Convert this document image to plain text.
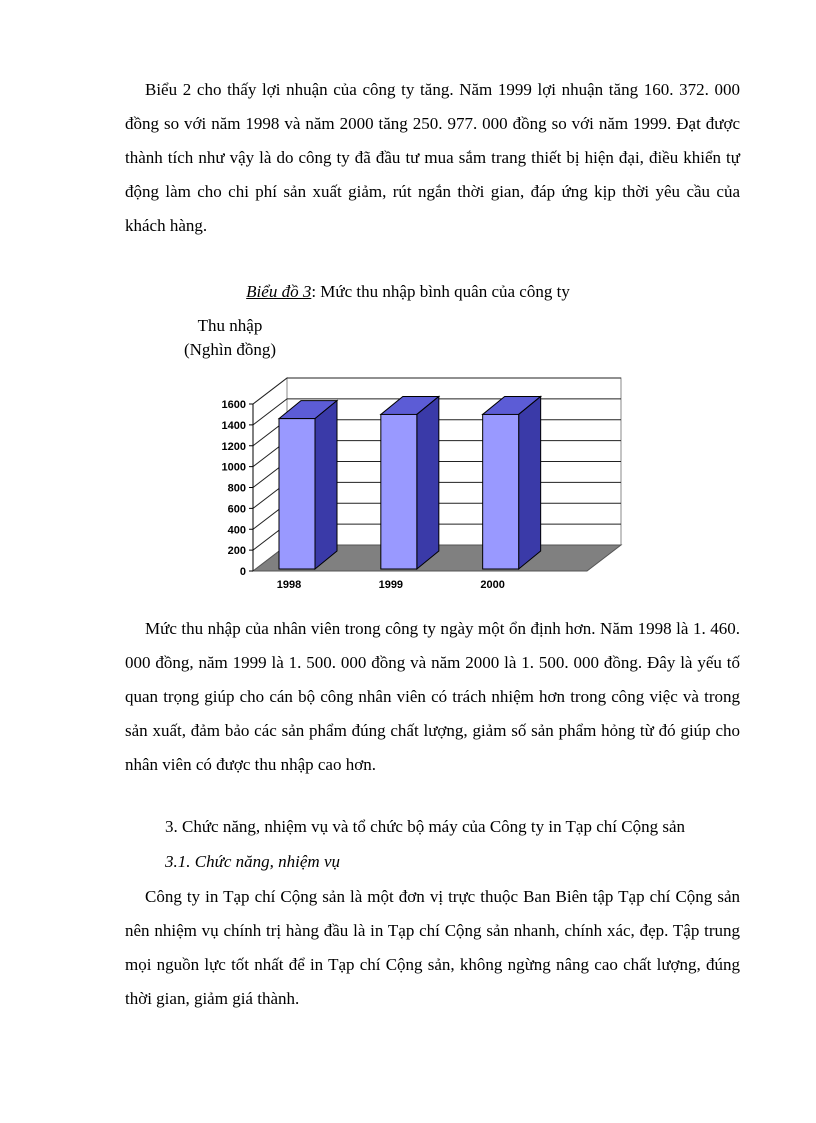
Biểu 2 cho thấy lợi nhuận của công ty tăng. Năm 1999 lợi nhuận tăng 160. 372. 000 đồng so với năm 1998 và năm 2000 tăng 250. 977. 000 đồng so với năm 1999. Đạt được thành tích như vậy là do công ty đã đầu tư mua sắm trang thiết bị hiện đại, điều khiển tự động làm cho chi phí sản xuất giảm, rút ngắn thời gian, đáp ứng kịp thời yêu cầu của khách hàng.

Biểu đồ 3: Mức thu nhập bình quân của công ty
Thu nhập
(Nghìn đồng)
0
200
400
600
800
1000
1200
1400
1600
1998	1999	2000

Mức thu nhập của nhân viên trong công ty ngày một ổn định hơn. Năm 1998 là 1. 460. 000 đồng, năm 1999 là 1. 500. 000 đồng và năm 2000 là 1. 500. 000 đồng. Đây là yếu tố quan trọng giúp cho cán bộ công nhân viên có trách nhiệm hơn trong công việc và trong sản xuất, đảm bảo các sản phẩm đúng chất lượng, giảm số sản phẩm hỏng từ đó giúp cho nhân viên có được thu nhập cao hơn.

3. Chức năng, nhiệm vụ và tổ chức bộ máy của Công ty in Tạp chí Cộng sản
3.1. Chức năng, nhiệm vụ

Công ty in Tạp chí Cộng sản là một đơn vị trực thuộc Ban Biên tập Tạp chí Cộng sản nên nhiệm vụ chính trị hàng đầu là in Tạp chí Cộng sản nhanh, chính xác, đẹp. Tập trung mọi nguồn lực tốt nhất để in Tạp chí Cộng sản, không ngừng nâng cao chất lượng, đúng thời gian, giảm giá thành.
